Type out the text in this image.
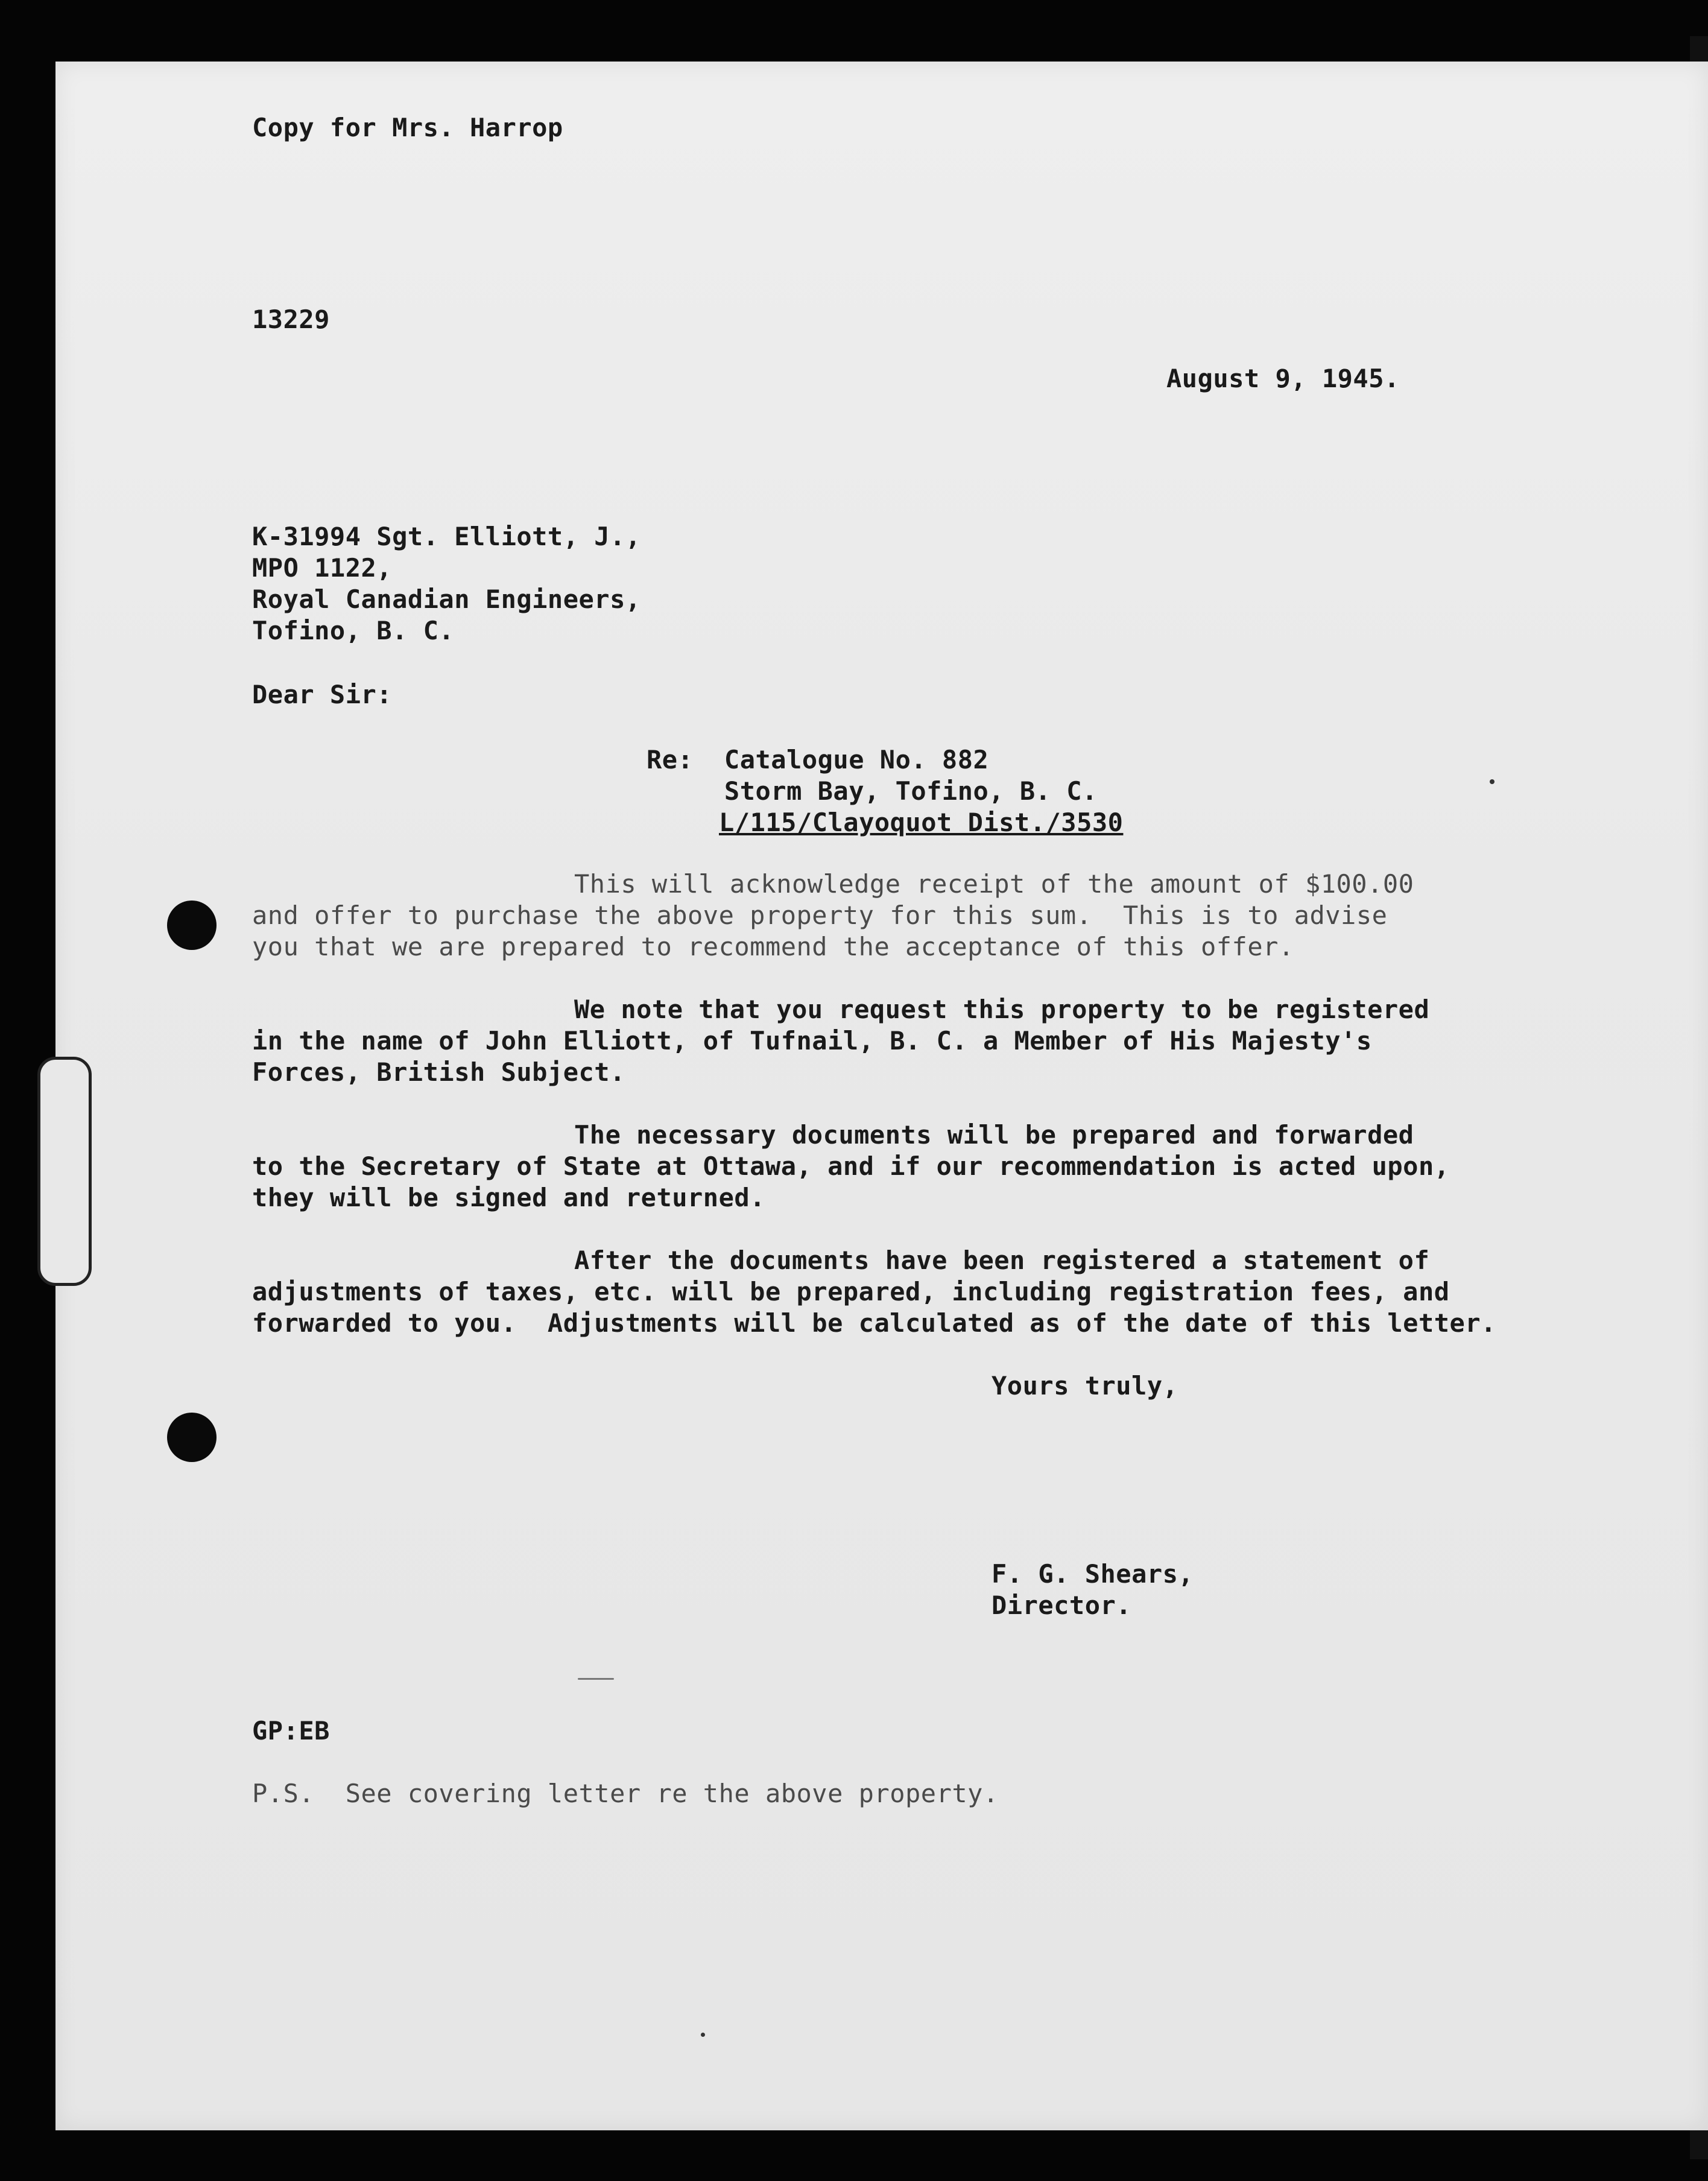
Copy for Mrs. Harrop
13229
August 9, 1945.
K-31994 Sgt. Elliott, J.,
MPO 1122,
Royal Canadian Engineers,
Tofino, B. C.
Dear Sir:
Re:  Catalogue No. 882
Storm Bay, Tofino, B. C.
L/115/Clayoquot Dist./3530
This will acknowledge receipt of the amount of $100.00
and offer to purchase the above property for this sum.  This is to advise
you that we are prepared to recommend the acceptance of this offer.
We note that you request this property to be registered
in the name of John Elliott, of Tufnail, B. C. a Member of His Majesty's
Forces, British Subject.
The necessary documents will be prepared and forwarded
to the Secretary of State at Ottawa, and if our recommendation is acted upon,
they will be signed and returned.
After the documents have been registered a statement of
adjustments of taxes, etc. will be prepared, including registration fees, and
forwarded to you.  Adjustments will be calculated as of the date of this letter.
Yours truly,
F. G. Shears,
Director.
GP:EB
P.S.  See covering letter re the above property.
